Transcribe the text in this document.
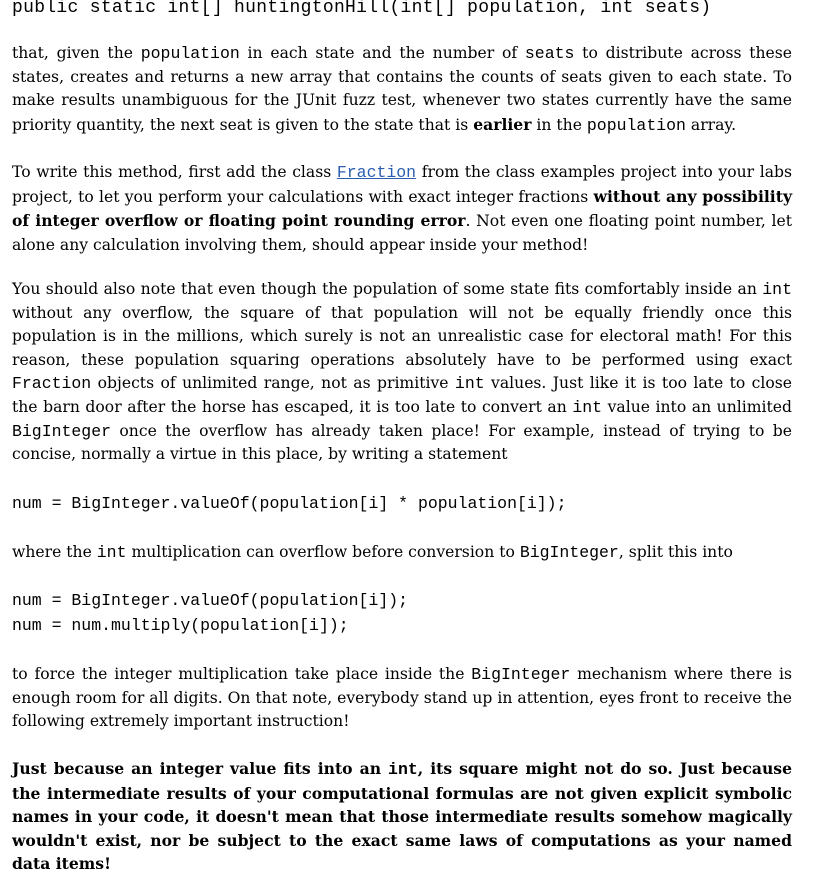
public static int[] huntingtonHill(int[] population, int seats)

that, given the population in each state and the number of seats to distribute across these states, creates and returns a new array that contains the counts of seats given to each state. To make results unambiguous for the JUnit fuzz test, whenever two states currently have the same priority quantity, the next seat is given to the state that is earlier in the population array.

To write this method, first add the class Fraction from the class examples project into your labs project, to let you perform your calculations with exact integer fractions without any possibility of integer overflow or floating point rounding error. Not even one floating point number, let alone any calculation involving them, should appear inside your method!

You should also note that even though the population of some state fits comfortably inside an int without any overflow, the square of that population will not be equally friendly once this population is in the millions, which surely is not an unrealistic case for electoral math! For this reason, these population squaring operations absolutely have to be performed using exact Fraction objects of unlimited range, not as primitive int values. Just like it is too late to close the barn door after the horse has escaped, it is too late to convert an int value into an unlimited BigInteger once the overflow has already taken place! For example, instead of trying to be concise, normally a virtue in this place, by writing a statement

num = BigInteger.valueOf(population[i] * population[i]);

where the int multiplication can overflow before conversion to BigInteger, split this into

num = BigInteger.valueOf(population[i]);
num = num.multiply(population[i]);

to force the integer multiplication take place inside the BigInteger mechanism where there is enough room for all digits. On that note, everybody stand up in attention, eyes front to receive the following extremely important instruction!

Just because an integer value fits into an int, its square might not do so. Just because the intermediate results of your computational formulas are not given explicit symbolic names in your code, it doesn't mean that those intermediate results somehow magically wouldn't exist, nor be subject to the exact same laws of computations as your named data items!
